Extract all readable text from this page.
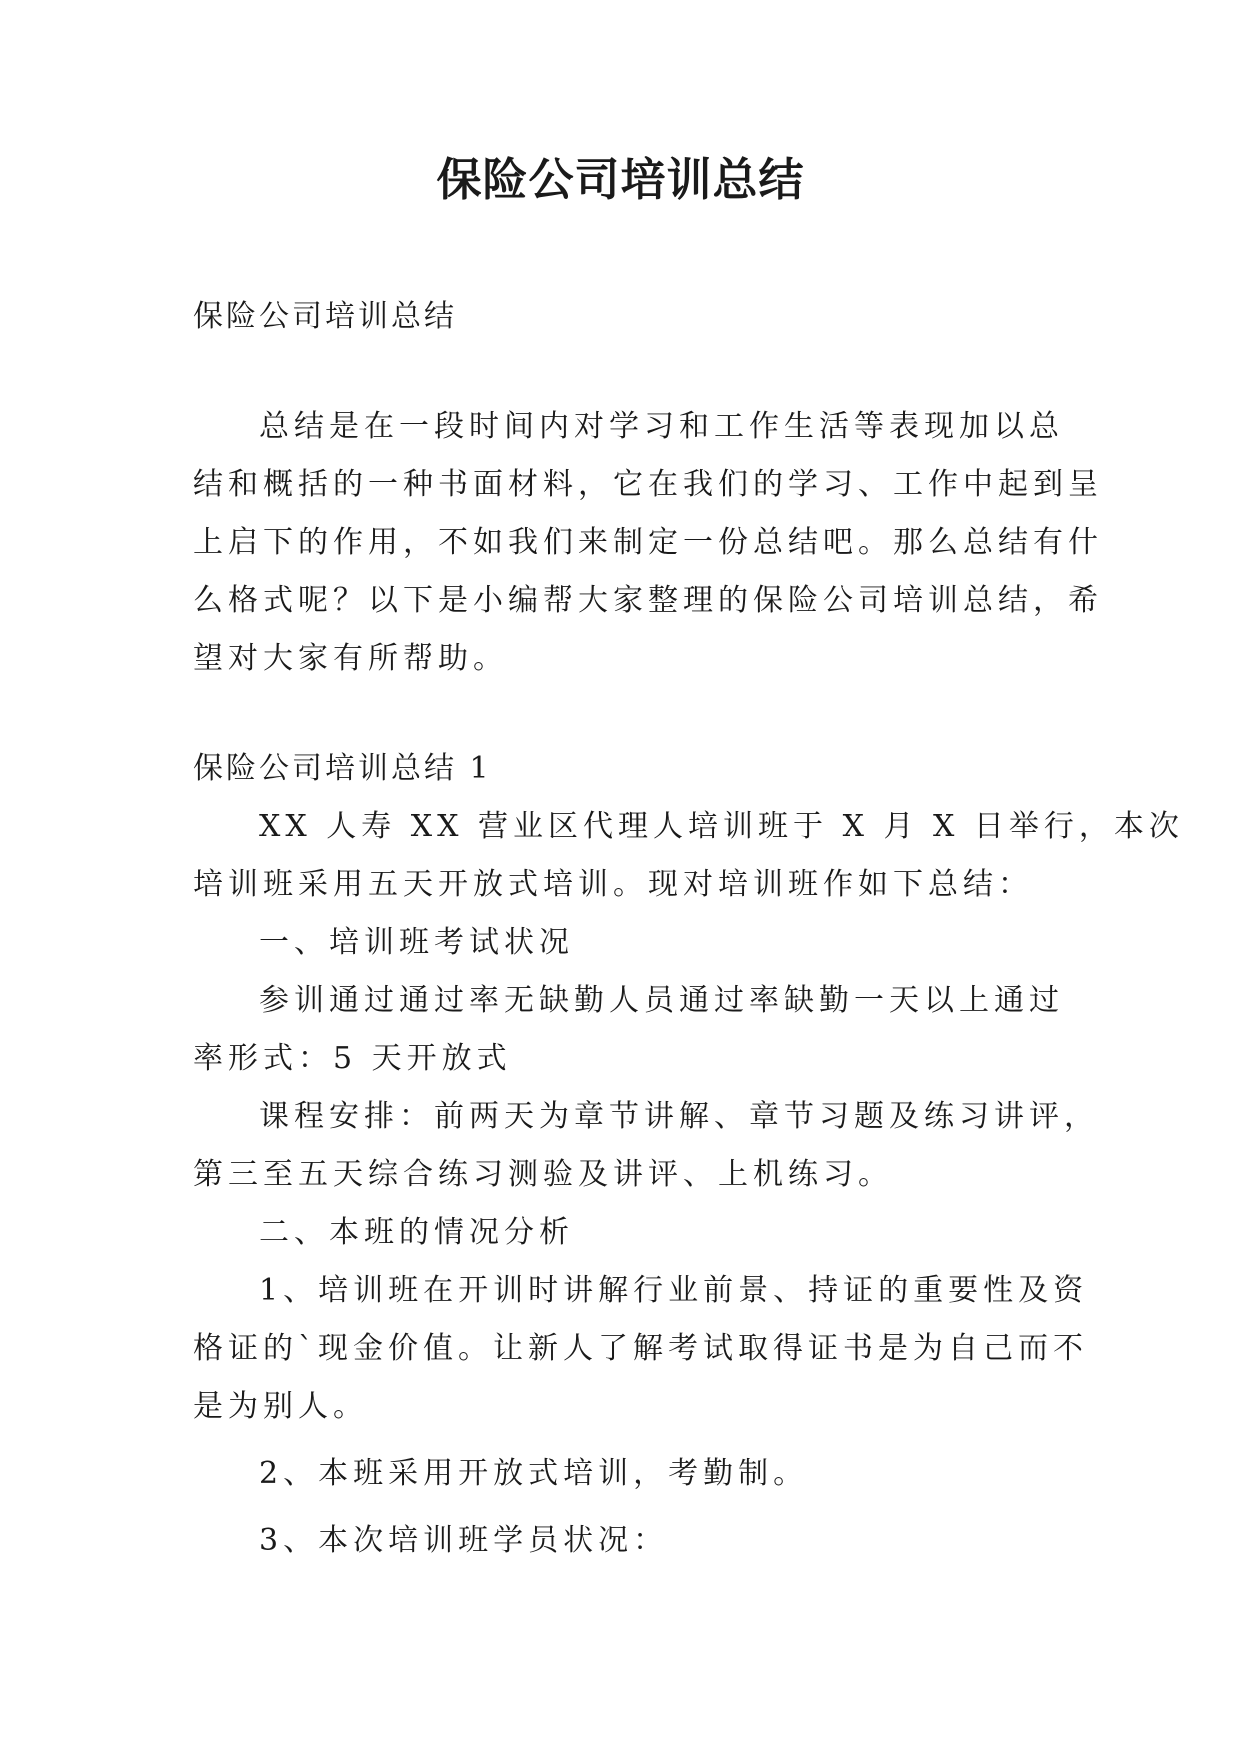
保险公司培训总结

保险公司培训总结

总结是在一段时间内对学习和工作生活等表现加以总

结和概括的一种书面材料，它在我们的学习、工作中起到呈

上启下的作用，不如我们来制定一份总结吧。那么总结有什

么格式呢？以下是小编帮大家整理的保险公司培训总结，希

望对大家有所帮助。

保险公司培训总结 1

XX 人寿 XX 营业区代理人培训班于 X 月 X 日举行，本次

培训班采用五天开放式培训。现对培训班作如下总结：

一、培训班考试状况

参训通过通过率无缺勤人员通过率缺勤一天以上通过

率形式：5 天开放式

课程安排：前两天为章节讲解、章节习题及练习讲评，

第三至五天综合练习测验及讲评、上机练习。

二、本班的情况分析

1、培训班在开训时讲解行业前景、持证的重要性及资

格证的`现金价值。让新人了解考试取得证书是为自己而不

是为别人。

2、本班采用开放式培训，考勤制。

3、本次培训班学员状况：
